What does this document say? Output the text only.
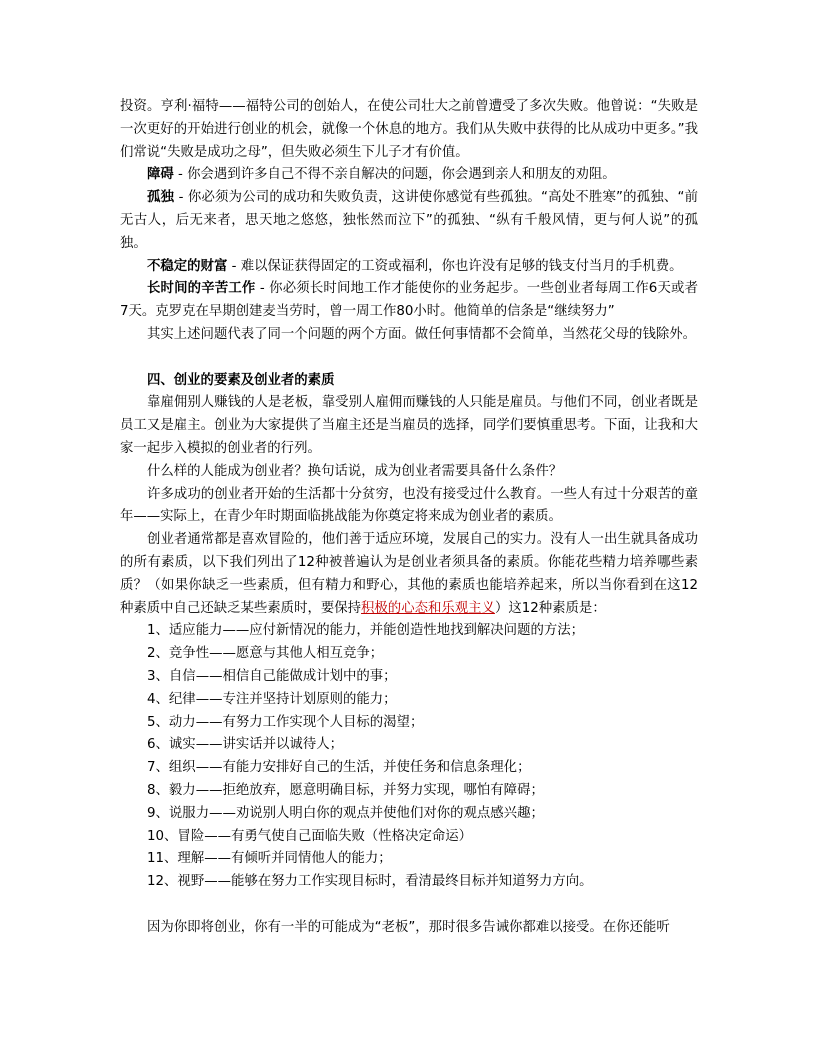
投资。亨利·福特——福特公司的创始人，在使公司壮大之前曾遭受了多次失败。他曾说：“失败是一次更好的开始进行创业的机会，就像一个休息的地方。我们从失败中获得的比从成功中更多。”我们常说“失败是成功之母”，但失败必须生下儿子才有价值。

障碍 - 你会遇到许多自己不得不亲自解决的问题，你会遇到亲人和朋友的劝阻。

孤独 - 你必须为公司的成功和失败负责，这讲使你感觉有些孤独。“高处不胜寒”的孤独、“前无古人，后无来者，思天地之悠悠，独怅然而泣下”的孤独、“纵有千般风情，更与何人说”的孤独。

不稳定的财富 - 难以保证获得固定的工资或福利，你也许没有足够的钱支付当月的手机费。

长时间的辛苦工作 - 你必须长时间地工作才能使你的业务起步。一些创业者每周工作6天或者7天。克罗克在早期创建麦当劳时，曾一周工作80小时。他简单的信条是“继续努力”

其实上述问题代表了同一个问题的两个方面。做任何事情都不会简单，当然花父母的钱除外。

四、创业的要素及创业者的素质

靠雇佣别人赚钱的人是老板，靠受别人雇佣而赚钱的人只能是雇员。与他们不同，创业者既是员工又是雇主。创业为大家提供了当雇主还是当雇员的选择，同学们要慎重思考。下面，让我和大家一起步入模拟的创业者的行列。

什么样的人能成为创业者？换句话说，成为创业者需要具备什么条件？

许多成功的创业者开始的生活都十分贫穷，也没有接受过什么教育。一些人有过十分艰苦的童年——实际上，在青少年时期面临挑战能为你奠定将来成为创业者的素质。

创业者通常都是喜欢冒险的，他们善于适应环境，发展自己的实力。没有人一出生就具备成功的所有素质，以下我们列出了12种被普遍认为是创业者须具备的素质。你能花些精力培养哪些素质？（如果你缺乏一些素质，但有精力和野心，其他的素质也能培养起来，所以当你看到在这12种素质中自己还缺乏某些素质时，要保持积极的心态和乐观主义）这12种素质是：

1、适应能力——应付新情况的能力，并能创造性地找到解决问题的方法；

2、竞争性——愿意与其他人相互竞争；

3、自信——相信自己能做成计划中的事；

4、纪律——专注并坚持计划原则的能力；

5、动力——有努力工作实现个人目标的渴望；

6、诚实——讲实话并以诚待人；

7、组织——有能力安排好自己的生活，并使任务和信息条理化；

8、毅力——拒绝放弃，愿意明确目标，并努力实现，哪怕有障碍；

9、说服力——劝说别人明白你的观点并使他们对你的观点感兴趣；

10、冒险——有勇气使自己面临失败（性格决定命运）

11、理解——有倾听并同情他人的能力；

12、视野——能够在努力工作实现目标时，看清最终目标并知道努力方向。

因为你即将创业，你有一半的可能成为“老板”，那时很多告诫你都难以接受。在你还能听
